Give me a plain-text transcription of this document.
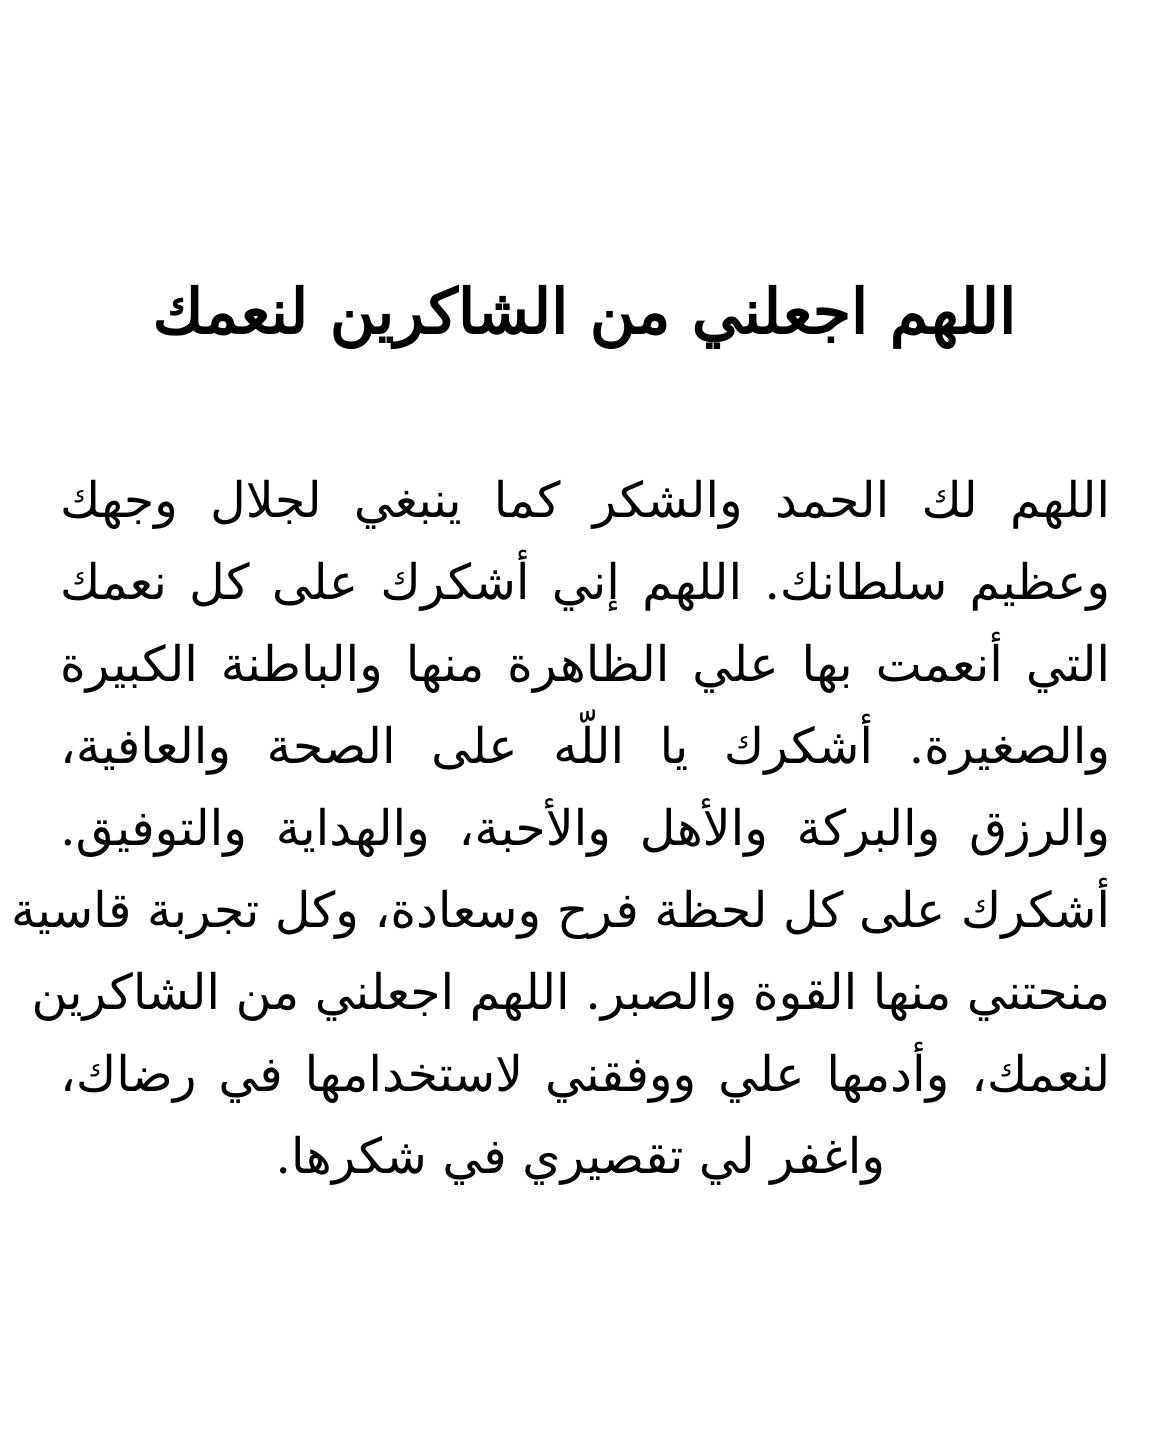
اللهم اجعلني من الشاكرين لنعمك
اللهم لك الحمد والشكر كما ينبغي لجلال وجهك
وعظيم سلطانك. اللهم إني أشكرك على كل نعمك
التي أنعمت بها علي الظاهرة منها والباطنة الكبيرة
والصغيرة. أشكرك يا اللّه على الصحة والعافية،
والرزق والبركة والأهل والأحبة، والهداية والتوفيق.
أشكرك على كل لحظة فرح وسعادة، وكل تجربة قاسية
منحتني منها القوة والصبر. اللهم اجعلني من الشاكرين
لنعمك، وأدمها علي ووفقني لاستخدامها في رضاك،
واغفر لي تقصيري في شكرها.
